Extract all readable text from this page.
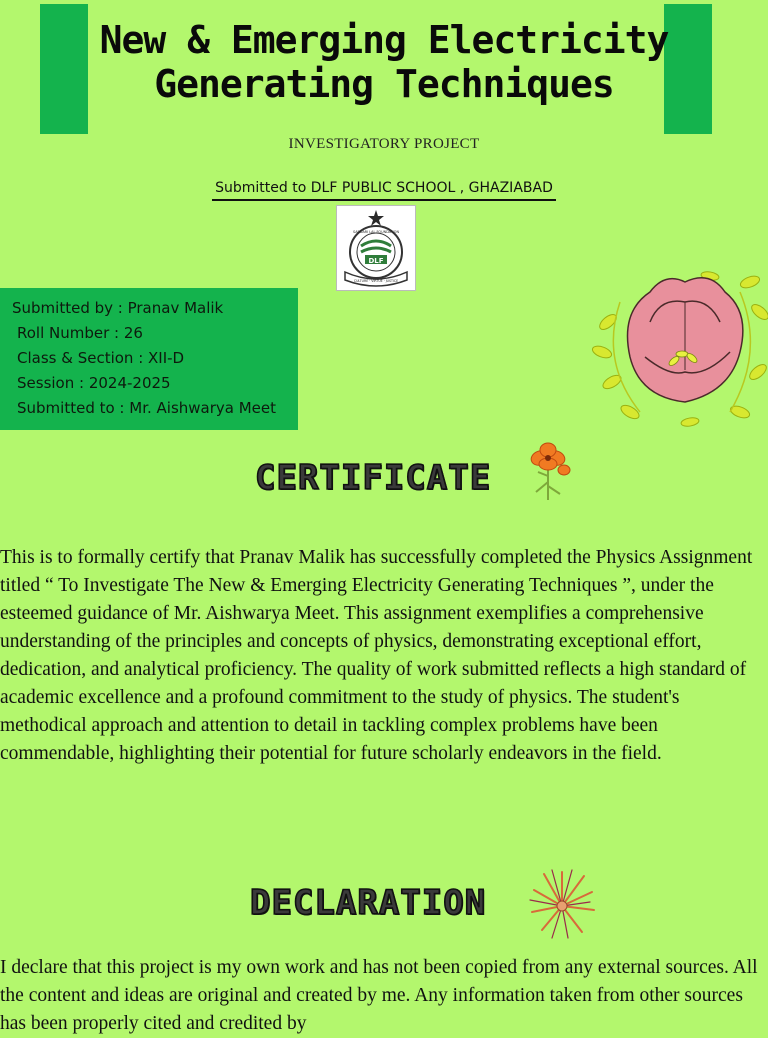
New & Emerging Electricity Generating Techniques
INVESTIGATORY PROJECT
Submitted to DLF PUBLIC SCHOOL , GHAZIABAD
DLF
SARDARI LAL FOUNDATION
CULTURE · VIRTUE · JUSTICE
Submitted by : Pranav Malik
Roll Number : 26
Class & Section : XII-D
Session : 2024-2025
Submitted to : Mr. Aishwarya Meet
CERTIFICATE

This is to formally certify that Pranav Malik has successfully completed the Physics Assignment titled “ To Investigate The New & Emerging Electricity Generating Techniques ”, under the esteemed guidance of Mr. Aishwarya Meet. This assignment exemplifies a comprehensive understanding of the principles and concepts of physics, demonstrating exceptional effort, dedication, and analytical proficiency. The quality of work submitted reflects a high standard of academic excellence and a profound commitment to the study of physics. The student's methodical approach and attention to detail in tackling complex problems have been commendable, highlighting their potential for future scholarly endeavors in the field.

DECLARATION

I declare that this project is my own work and has not been copied from any external sources. All the content and ideas are original and created by me. Any information taken from other sources has been properly cited and credited by
